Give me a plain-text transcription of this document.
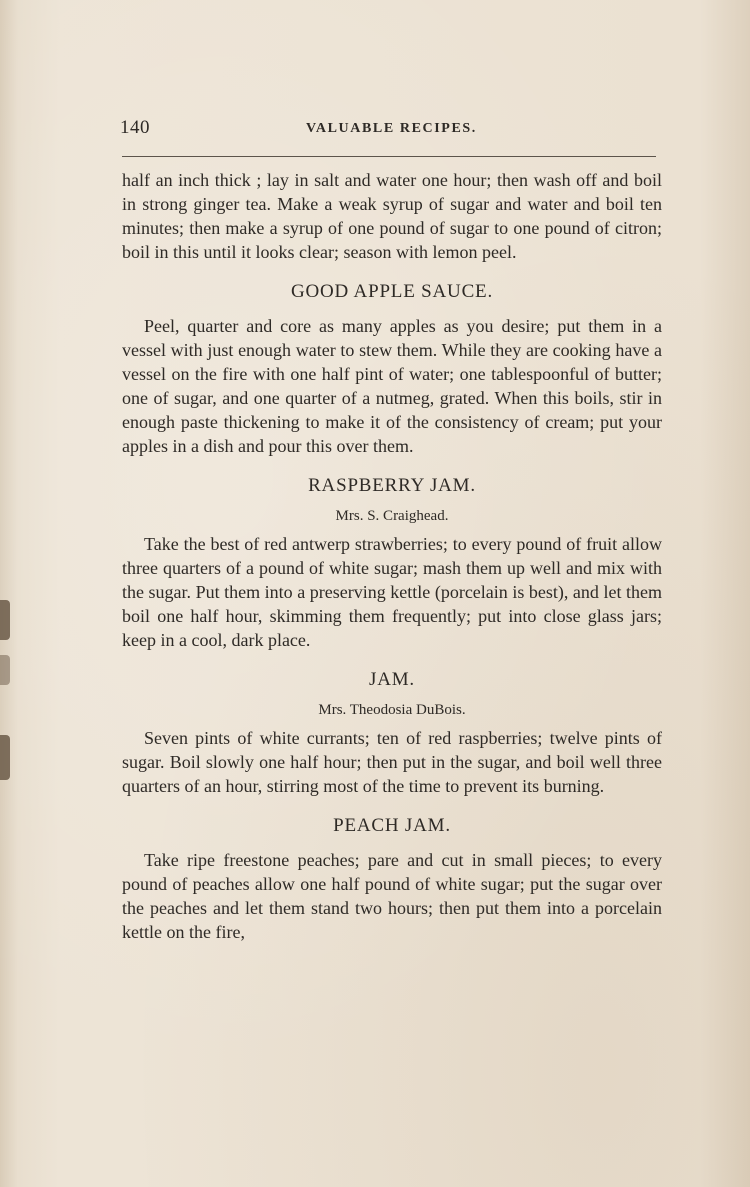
140	VALUABLE RECIPES.

half an inch thick ; lay in salt and water one hour; then wash off and boil in strong ginger tea. Make a weak syrup of sugar and water and boil ten minutes; then make a syrup of one pound of sugar to one pound of citron; boil in this until it looks clear; season with lemon peel.

GOOD APPLE SAUCE.

Peel, quarter and core as many apples as you desire; put them in a vessel with just enough water to stew them. While they are cooking have a vessel on the fire with one half pint of water; one tablespoonful of butter; one of sugar, and one quarter of a nutmeg, grated. When this boils, stir in enough paste thickening to make it of the consistency of cream; put your apples in a dish and pour this over them.

RASPBERRY JAM.
Mrs. S. Craighead.

Take the best of red antwerp strawberries; to every pound of fruit allow three quarters of a pound of white sugar; mash them up well and mix with the sugar. Put them into a preserving kettle (porcelain is best), and let them boil one half hour, skimming them frequently; put into close glass jars; keep in a cool, dark place.

JAM.
Mrs. Theodosia DuBois.

Seven pints of white currants; ten of red raspberries; twelve pints of sugar. Boil slowly one half hour; then put in the sugar, and boil well three quarters of an hour, stirring most of the time to prevent its burning.

PEACH JAM.

Take ripe freestone peaches; pare and cut in small pieces; to every pound of peaches allow one half pound of white sugar; put the sugar over the peaches and let them stand two hours; then put them into a porcelain kettle on the fire,
